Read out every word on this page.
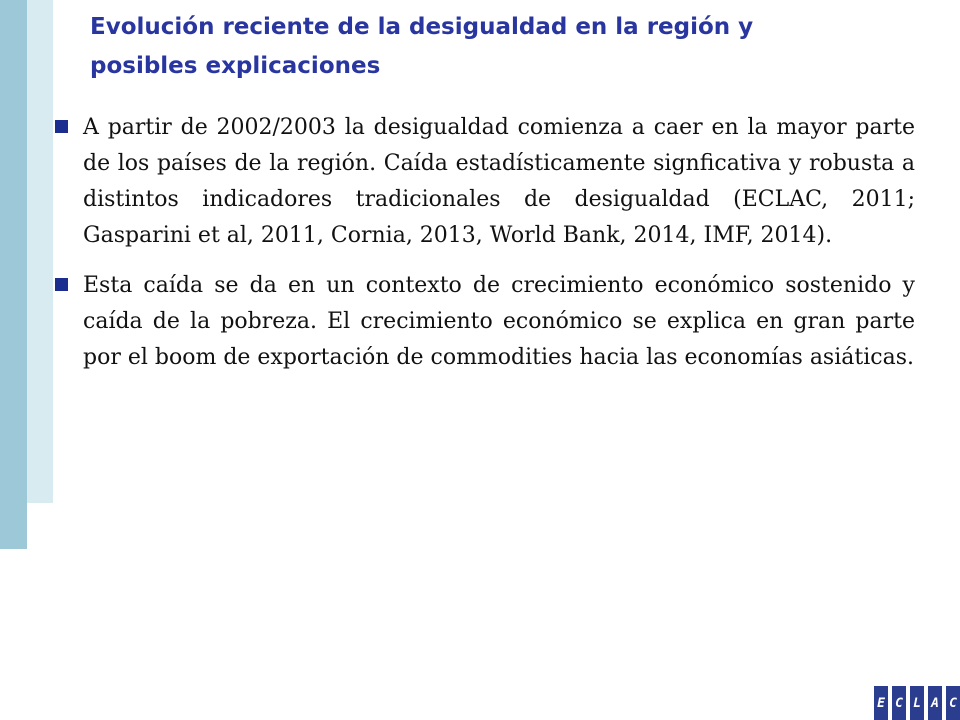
Evolución reciente de la desigualdad en la región y posibles explicaciones
A partir de 2002/2003 la desigualdad comienza a caer en la mayor parte de los países de la región. Caída estadísticamente signficativa y robusta a distintos indicadores tradicionales de desigualdad (ECLAC, 2011; Gasparini et al, 2011, Cornia, 2013, World Bank, 2014, IMF, 2014).
Esta caída se da en un contexto de crecimiento económico sostenido y caída de la pobreza. El crecimiento económico se explica en gran parte por el boom de exportación de commodities hacia las economías asiáticas.
E C L A C
